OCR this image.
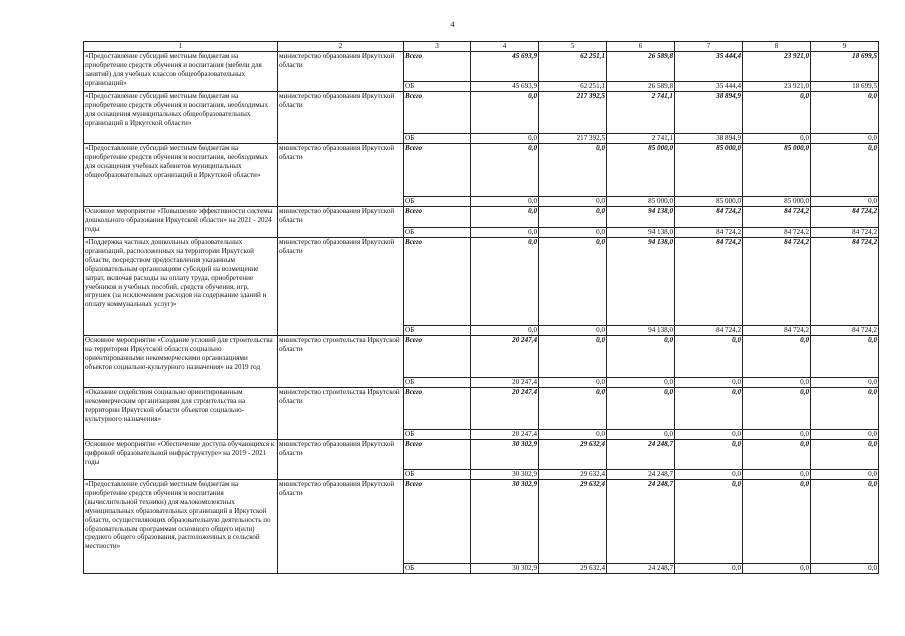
4
1	2	3	4	5	6	7	8	9
«Предоставление субсидий местным бюджетам на приобретение средств обучения и воспитания (мебели для занятий) для учебных классов общеобразовательных организаций»	министерство образования Иркутской области	Всего	45 693,9	62 251,1	26 589,8	35 444,4	23 921,0	18 699,5
		ОБ	45 693,9	62 251,1	26 589,8	35 444,4	23 921,0	18 699,5
«Предоставление субсидий местным бюджетам на приобретение средств обучения и воспитания, необходимых для оснащения муниципальных общеобразовательных организаций в Иркутской области»	министерство образования Иркутской области	Всего	0,0	217 392,5	2 741,1	38 894,9	0,0	0,0
		ОБ	0,0	217 392,5	2 741,1	38 894,9	0,0	0,0
«Предоставление субсидий местным бюджетам на приобретение средств обучения и воспитания, необходимых для оснащения учебных кабинетов муниципальных общеобразовательных организаций в Иркутской области»	министерство образования Иркутской области	Всего	0,0	0,0	85 000,0	85 000,0	85 000,0	0,0
		ОБ	0,0	0,0	85 000,0	85 000,0	85 000,0	0,0
Основное мероприятие «Повышение эффективности системы дошкольного образования Иркутской области» на 2021 - 2024 годы	министерство образования Иркутской области	Всего	0,0	0,0	94 138,0	84 724,2	84 724,2	84 724,2
		ОБ	0,0	0,0	94 138,0	84 724,2	84 724,2	84 724,2
«Поддержка частных дошкольных образовательных организаций, расположенных на территории Иркутской области, посредством предоставления указанным образовательным организациям субсидий на возмещение затрат, включая расходы на оплату труда, приобретение учебников и учебных пособий, средств обучения, игр, игрушек (за исключением расходов на содержание зданий и оплату коммунальных услуг)»	министерство образования Иркутской области	Всего	0,0	0,0	94 138,0	84 724,2	84 724,2	84 724,2
		ОБ	0,0	0,0	94 138,0	84 724,2	84 724,2	84 724,2
Основное мероприятие «Создание условий для строительства на территории Иркутской области социально ориентированными некоммерческими организациями объектов социально-культурного назначения» на 2019 год	министерство строительства Иркутской области	Всего	20 247,4	0,0	0,0	0,0	0,0	0,0
		ОБ	20 247,4	0,0	0,0	0,0	0,0	0,0
«Оказание содействия социально ориентированным некоммерческим организациям для строительства на территории Иркутской области объектов социально-культурного назначения»	министерство строительства Иркутской области	Всего	20 247,4	0,0	0,0	0,0	0,0	0,0
		ОБ	20 247,4	0,0	0,0	0,0	0,0	0,0
Основное мероприятие «Обеспечение доступа обучающихся к цифровой образовательной инфраструктуре» на 2019 - 2021 годы	министерство образования Иркутской области	Всего	30 302,9	29 632,4	24 248,7	0,0	0,0	0,0
		ОБ	30 302,9	29 632,4	24 248,7	0,0	0,0	0,0
«Предоставление субсидий местным бюджетам на приобретение средств обучения и воспитания (вычислительной техники) для малокомплектных муниципальных образовательных организаций в Иркутской области, осуществляющих образовательную деятельность по образовательным программам основного общего и(или) среднего общего образования, расположенных в сельской местности»	министерство образования Иркутской области	Всего	30 302,9	29 632,4	24 248,7	0,0	0,0	0,0
		ОБ	30 302,9	29 632,4	24 248,7	0,0	0,0	0,0
